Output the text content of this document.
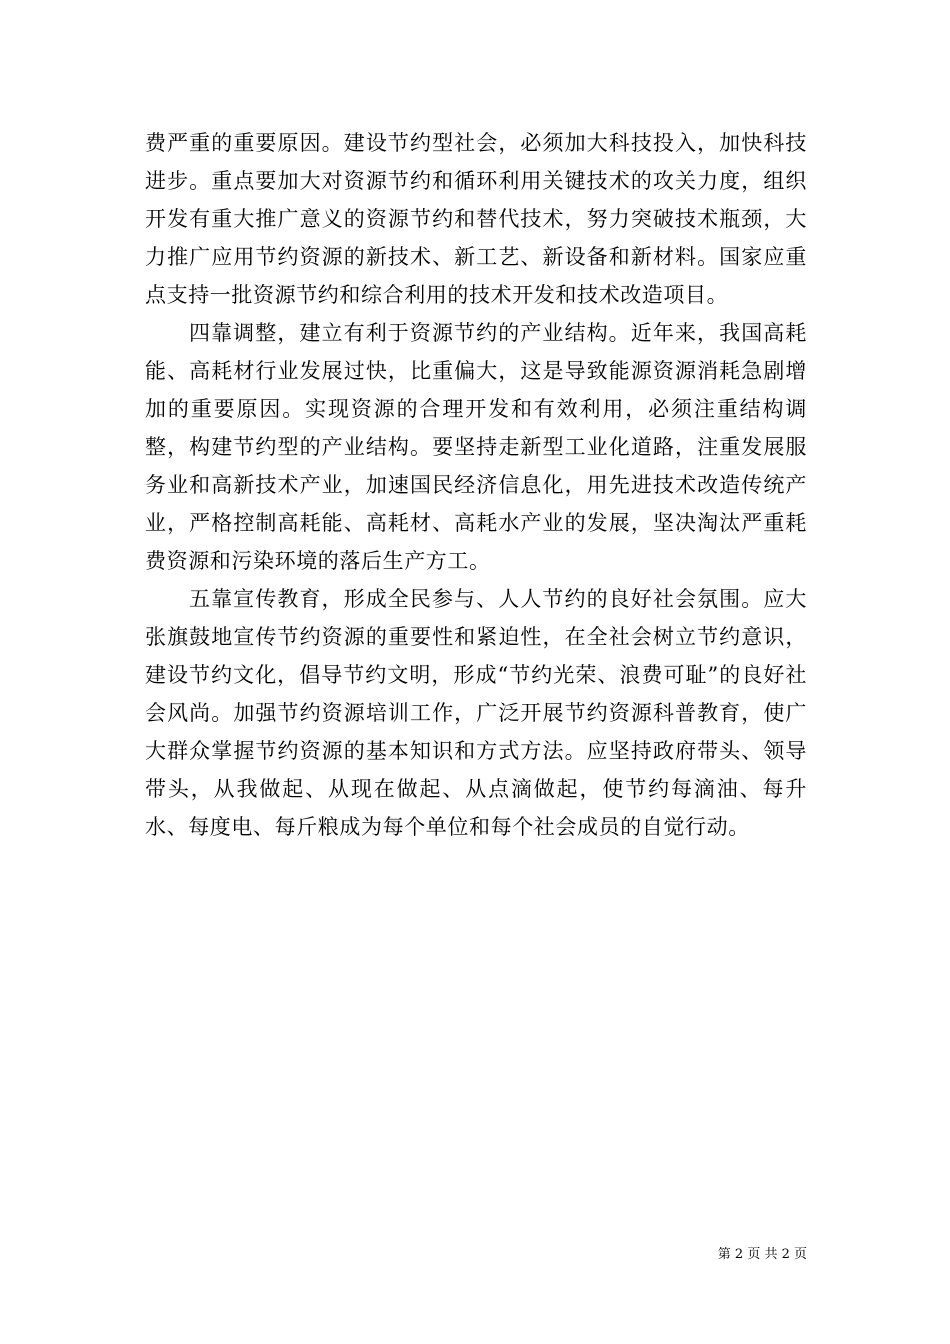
费严重的重要原因。建设节约型社会，必须加大科技投入，加快科技进步。重点要加大对资源节约和循环利用关键技术的攻关力度，组织开发有重大推广意义的资源节约和替代技术，努力突破技术瓶颈，大力推广应用节约资源的新技术、新工艺、新设备和新材料。国家应重点支持一批资源节约和综合利用的技术开发和技术改造项目。

四靠调整，建立有利于资源节约的产业结构。近年来，我国高耗能、高耗材行业发展过快，比重偏大，这是导致能源资源消耗急剧增加的重要原因。实现资源的合理开发和有效利用，必须注重结构调整，构建节约型的产业结构。要坚持走新型工业化道路，注重发展服务业和高新技术产业，加速国民经济信息化，用先进技术改造传统产业，严格控制高耗能、高耗材、高耗水产业的发展，坚决淘汰严重耗费资源和污染环境的落后生产方工。

五靠宣传教育，形成全民参与、人人节约的良好社会氛围。应大张旗鼓地宣传节约资源的重要性和紧迫性，在全社会树立节约意识，建设节约文化，倡导节约文明，形成“节约光荣、浪费可耻”的良好社会风尚。加强节约资源培训工作，广泛开展节约资源科普教育，使广大群众掌握节约资源的基本知识和方式方法。应坚持政府带头、领导带头，从我做起、从现在做起、从点滴做起，使节约每滴油、每升水、每度电、每斤粮成为每个单位和每个社会成员的自觉行动。

第 2 页 共 2 页
